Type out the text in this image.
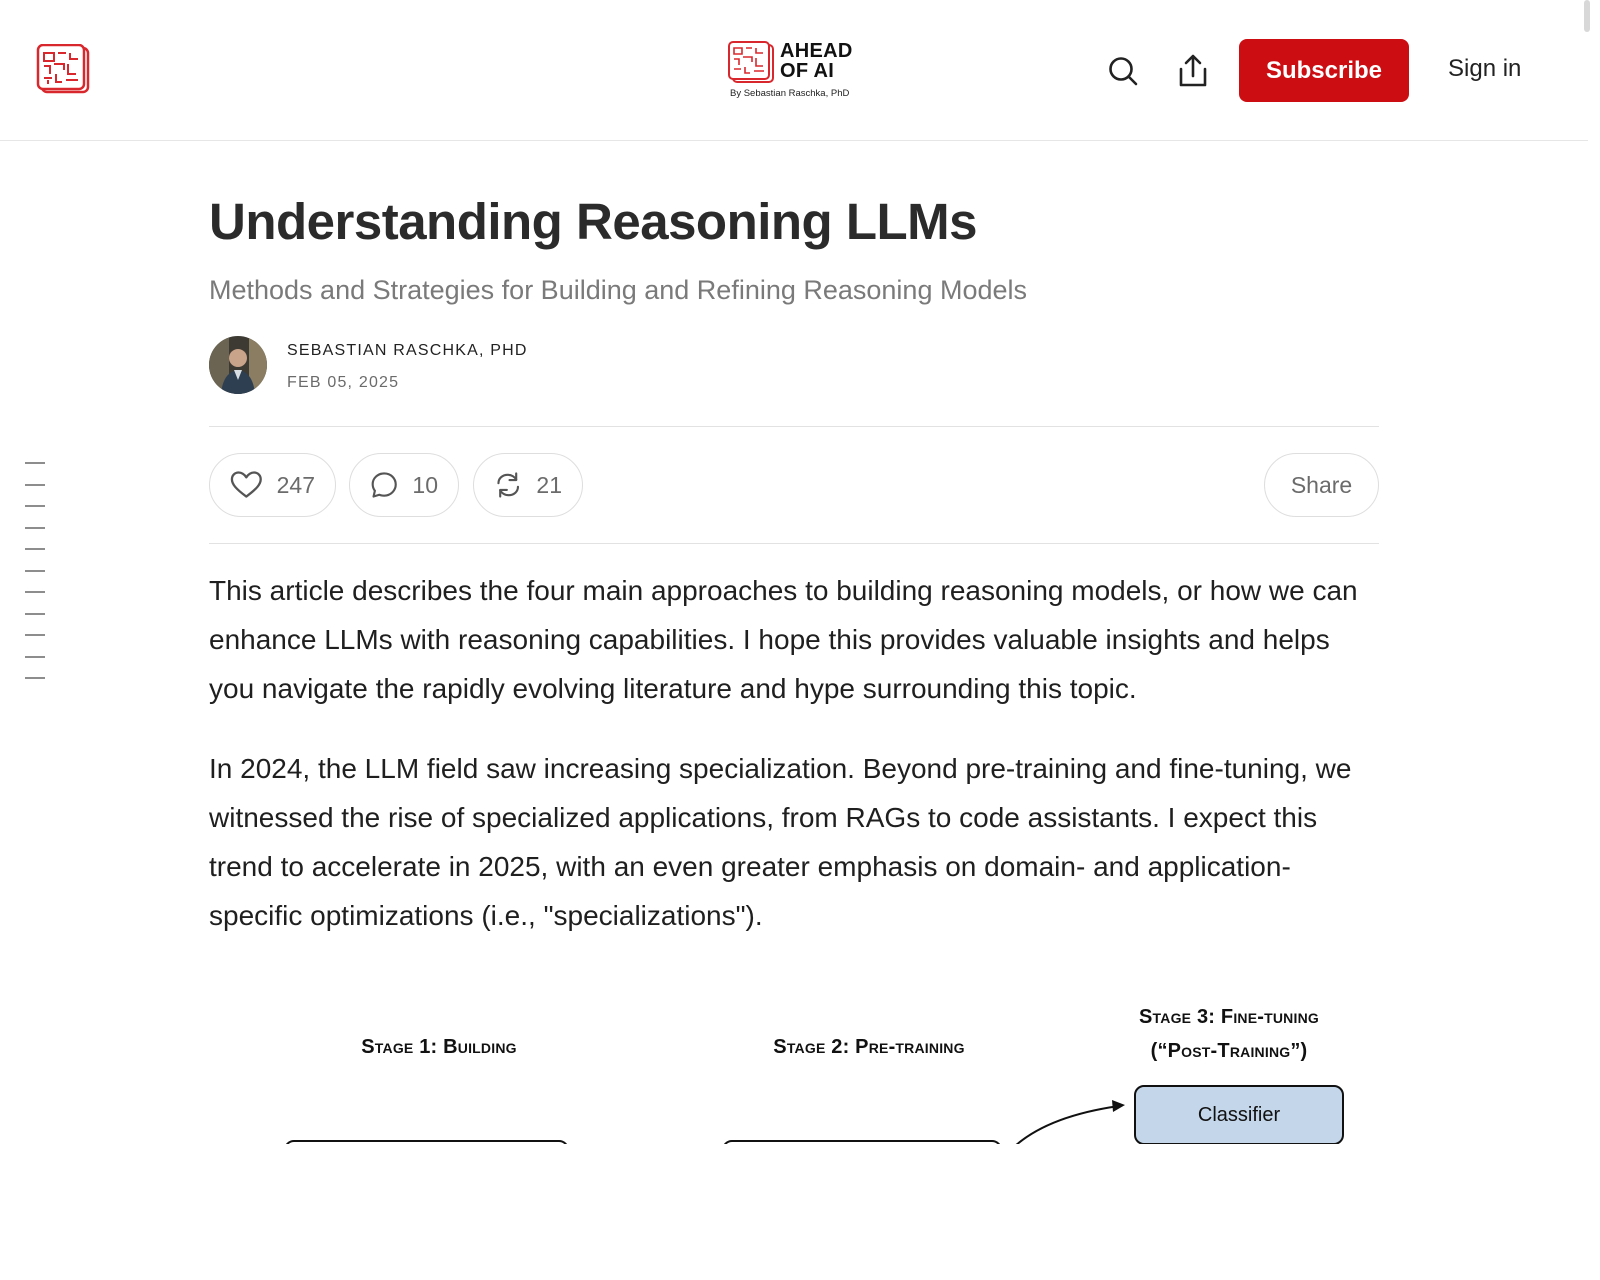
AHEAD
OF AI
By Sebastian Raschka, PhD
Subscribe	Sign in
Understanding Reasoning LLMs
Methods and Strategies for Building and Refining Reasoning Models
SEBASTIAN RASCHKA, PHD
FEB 05, 2025
247	10	21	Share

This article describes the four main approaches to building reasoning models, or how we can enhance LLMs with reasoning capabilities. I hope this provides valuable insights and helps you navigate the rapidly evolving literature and hype surrounding this topic.

In 2024, the LLM field saw increasing specialization. Beyond pre-training and fine-tuning, we witnessed the rise of specialized applications, from RAGs to code assistants. I expect this trend to accelerate in 2025, with an even greater emphasis on domain- and application-specific optimizations (i.e., "specializations").

Stage 1: Building	Stage 2: Pre-training
Stage 3: Fine-tuning
(“Post-Training”)
Classifier
